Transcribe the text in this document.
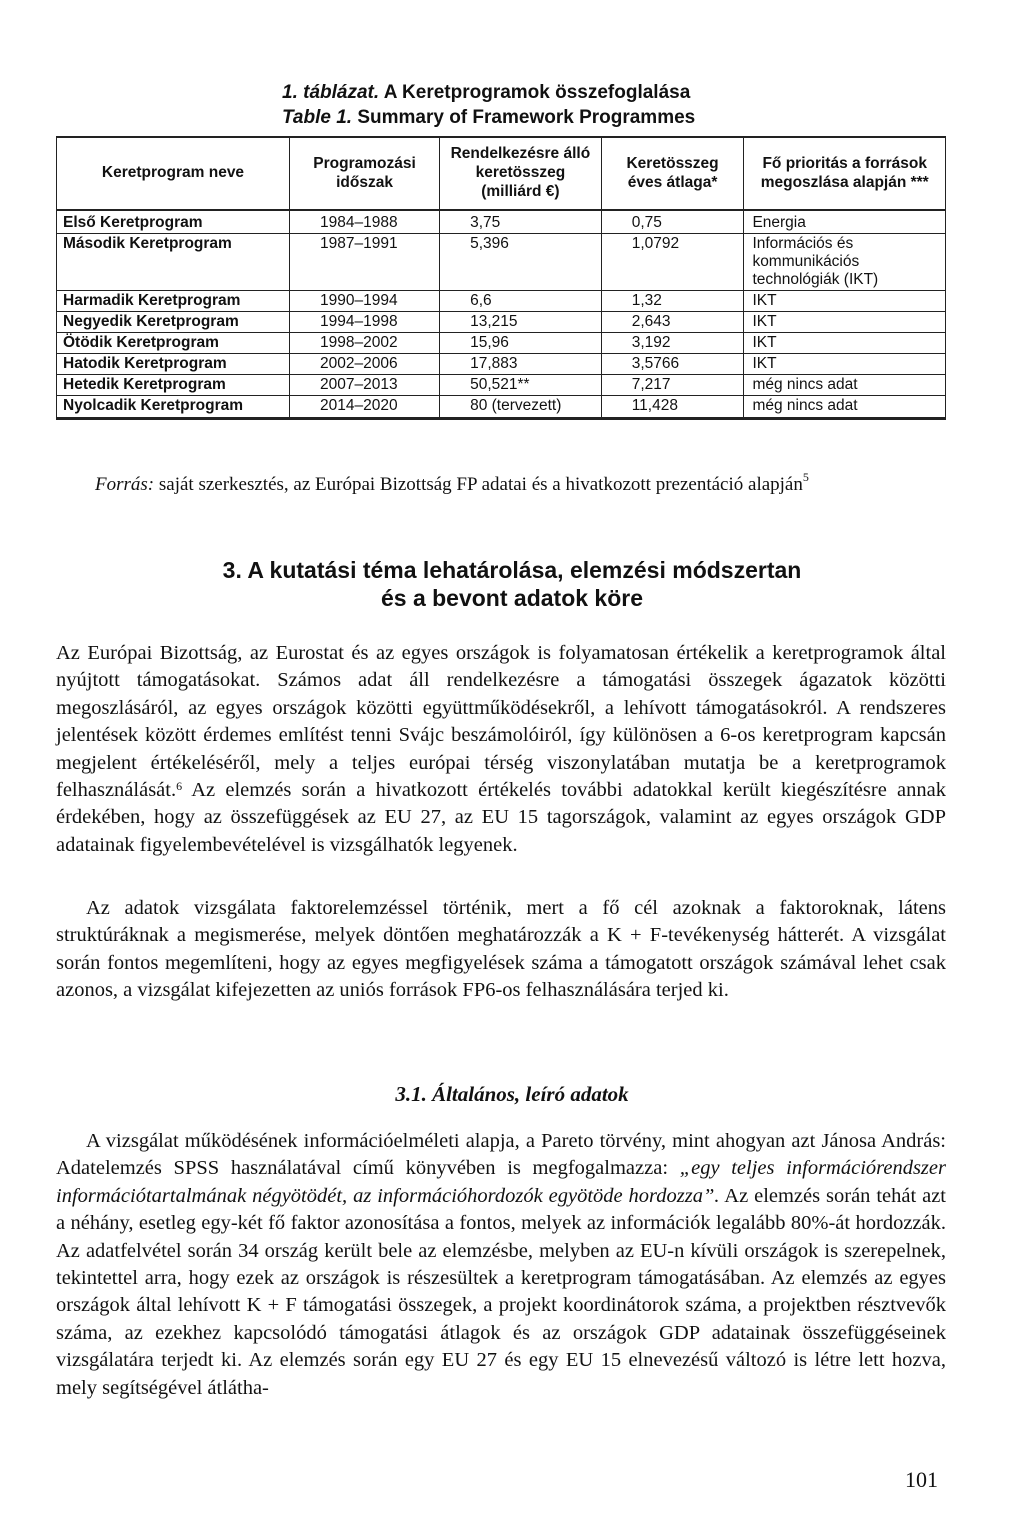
1. táblázat. A Keretprogramok összefoglalása
Table 1. Summary of Framework Programmes
Keretprogram neve	Programozási időszak	Rendelkezésre álló keretösszeg (milliárd €)	Keretösszeg éves átlaga*	Fő prioritás a források megoszlása alapján ***
Első Keretprogram	1984–1988	3,75	0,75	Energia
Második Keretprogram	1987–1991	5,396	1,0792	Információs és kommunikációs technológiák (IKT)
Harmadik Keretprogram	1990–1994	6,6	1,32	IKT
Negyedik Keretprogram	1994–1998	13,215	2,643	IKT
Ötödik Keretprogram	1998–2002	15,96	3,192	IKT
Hatodik Keretprogram	2002–2006	17,883	3,5766	IKT
Hetedik Keretprogram	2007–2013	50,521**	7,217	még nincs adat
Nyolcadik Keretprogram	2014–2020	80 (tervezett)	11,428	még nincs adat
Forrás: saját szerkesztés, az Európai Bizottság FP adatai és a hivatkozott prezentáció alapján$^5$
3. A kutatási téma lehatárolása, elemzési módszertan
és a bevont adatok köre

Az Európai Bizottság, az Eurostat és az egyes országok is folyamatosan értékelik a keretprogramok által nyújtott támogatásokat. Számos adat áll rendelkezésre a támogatási összegek ágazatok közötti megoszlásáról, az egyes országok közötti együttműködésekről, a lehívott támogatásokról. A rendszeres jelentések között érdemes említést tenni Svájc beszámolóiról, így különösen a 6-os keretprogram kapcsán megjelent értékeléséről, mely a teljes európai térség viszonylatában mutatja be a keretprogramok felhasználását.$^6$ Az elemzés során a hivatkozott értékelés további adatokkal került kiegészítésre annak érdekében, hogy az összefüggések az EU 27, az EU 15 tagországok, valamint az egyes országok GDP adatainak figyelembevételével is vizsgálhatók legyenek.

Az adatok vizsgálata faktorelemzéssel történik, mert a fő cél azoknak a faktoroknak, látens struktúráknak a megismerése, melyek döntően meghatározzák a K + F-tevékenység hátterét. A vizsgálat során fontos megemlíteni, hogy az egyes megfigyelések száma a támogatott országok számával lehet csak azonos, a vizsgálat kifejezetten az uniós források FP6-os felhasználására terjed ki.

3.1. Általános, leíró adatok

A vizsgálat működésének információelméleti alapja, a Pareto törvény, mint ahogyan azt Jánosa András: Adatelemzés SPSS használatával című könyvében is megfogalmazza: „egy teljes információrendszer információtartalmának négyötödét, az információhordozók egyötöde hordozza”. Az elemzés során tehát azt a néhány, esetleg egy-két fő faktor azonosítása a fontos, melyek az információk legalább 80%-át hordozzák. Az adatfelvétel során 34 ország került bele az elemzésbe, melyben az EU-n kívüli országok is szerepelnek, tekintettel arra, hogy ezek az országok is részesültek a keretprogram támogatásában. Az elemzés az egyes országok által lehívott K + F támogatási összegek, a projekt koordinátorok száma, a projektben résztvevők száma, az ezekhez kapcsolódó támogatási átlagok és az országok GDP adatainak összefüggéseinek vizsgálatára terjedt ki. Az elemzés során egy EU 27 és egy EU 15 elnevezésű változó is létre lett hozva, mely segítségével átlátha-

101
